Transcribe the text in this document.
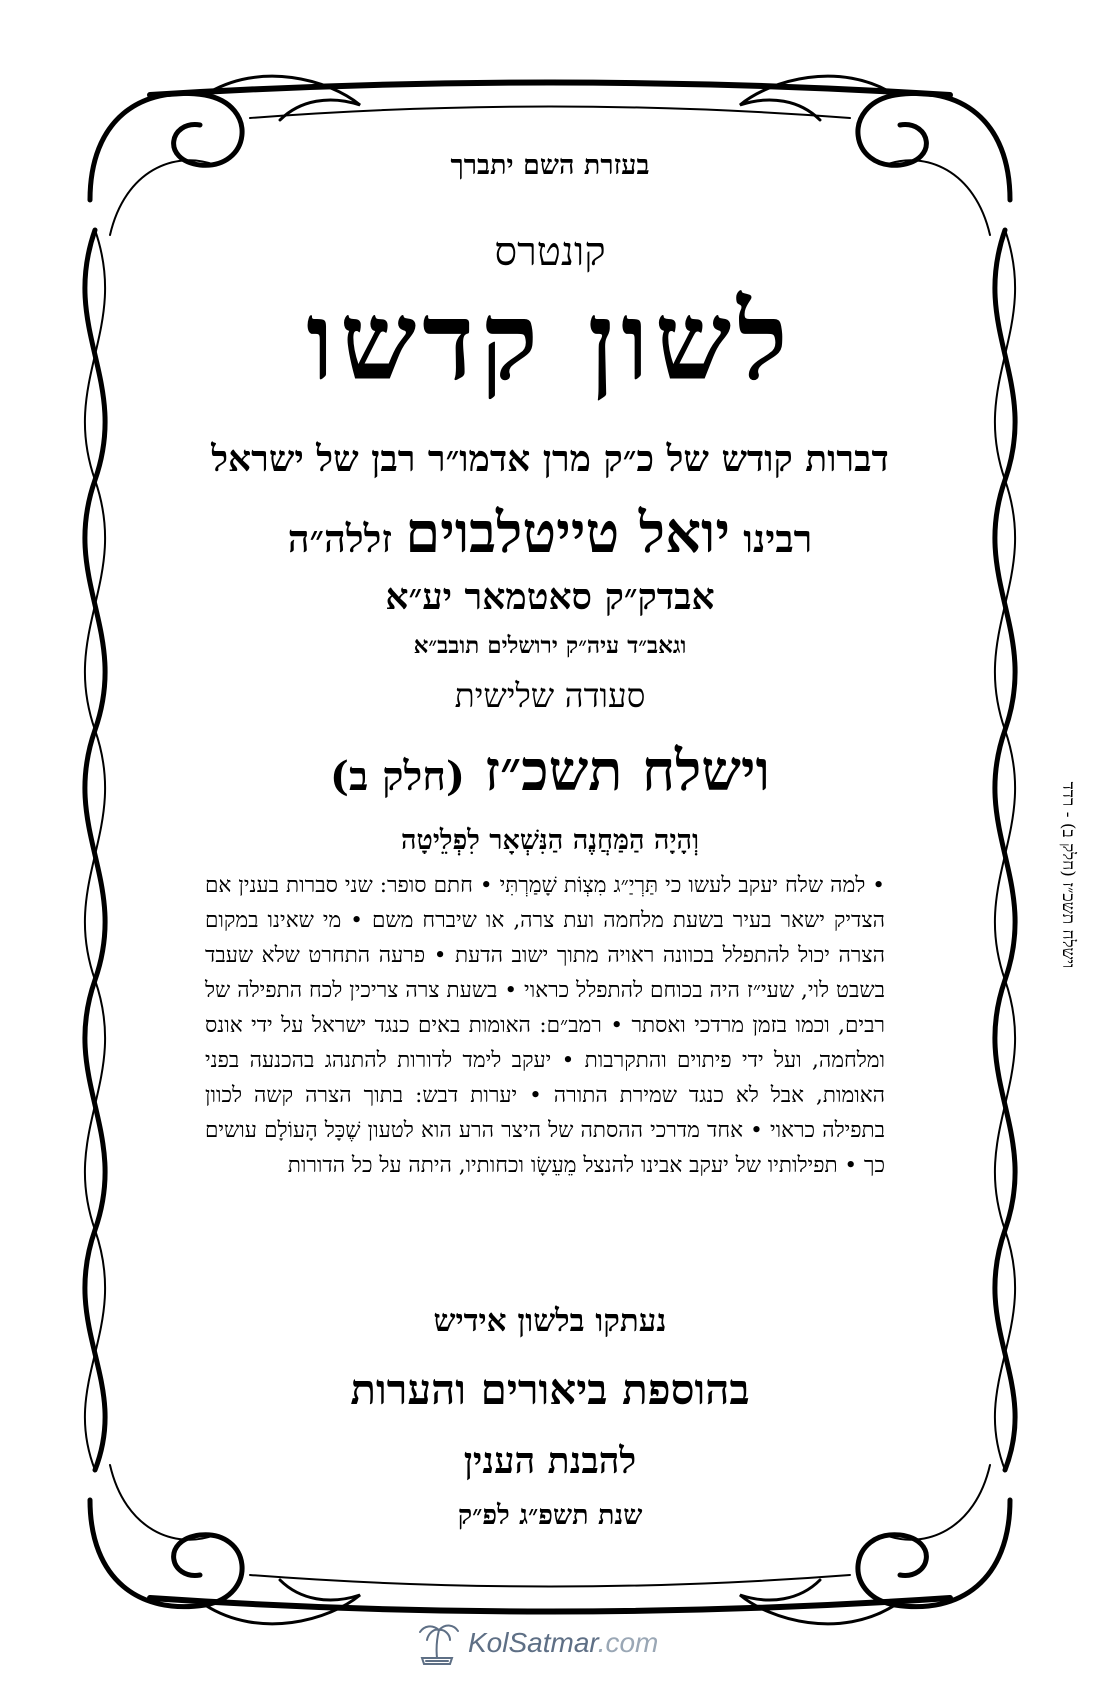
בעזרת השם יתברך
קונטרס
לשון קדשו
דברות קודש של כ״ק מרן אדמו״ר רבן של ישראל
רבינו יואל טייטלבוים זללה״ה
אבדק״ק סאטמאר יע״א
וגאב״ד עיה״ק ירושלים תובב״א
סעודה שלישית
וישלח תשכ״ז (חלק ב)
וְהָיָה הַמַּחֲנֶה הַנִּשְׁאָר לִפְלֵיטָה
• למה שלח יעקב לעשו כי תַּרְיַ״ג מִצְוֹת שָׁמַרְתִּי • חתם סופר: שני סברות בענין אם הצדיק ישאר בעיר בשעת מלחמה ועת צרה, או שיברח משם • מי שאינו במקום הצרה יכול להתפלל בכוונה ראויה מתוך ישוב הדעת • פרעה התחרט שלא שעבד בשבט לוי, שעי״ז היה בכוחם להתפלל כראוי • בשעת צרה צריכין לכח התפילה של רבים, וכמו בזמן מרדכי ואסתר • רמב״ם: האומות באים כנגד ישראל על ידי אונס ומלחמה, ועל ידי פיתוים והתקרבות • יעקב לימד לדורות להתנהג בהכנעה בפני האומות, אבל לא כנגד שמירת התורה • יערות דבש: בתוך הצרה קשה לכוון בתפילה כראוי • אחד מדרכי ההסתה של היצר הרע הוא לטעון שֶׁכָּל הָעוֹלָם עושים כך • תפילותיו של יעקב אבינו להנצל מֵעֵשָׂו וכחותיו, היתה על כל הדורות
נעתקו בלשון אידיש
בהוספת ביאורים והערות
להבנת הענין
שנת תשפ״ג לפ״ק
וישלח תשכ״ז (חלק ב) - רדד
KolSatmar.com
